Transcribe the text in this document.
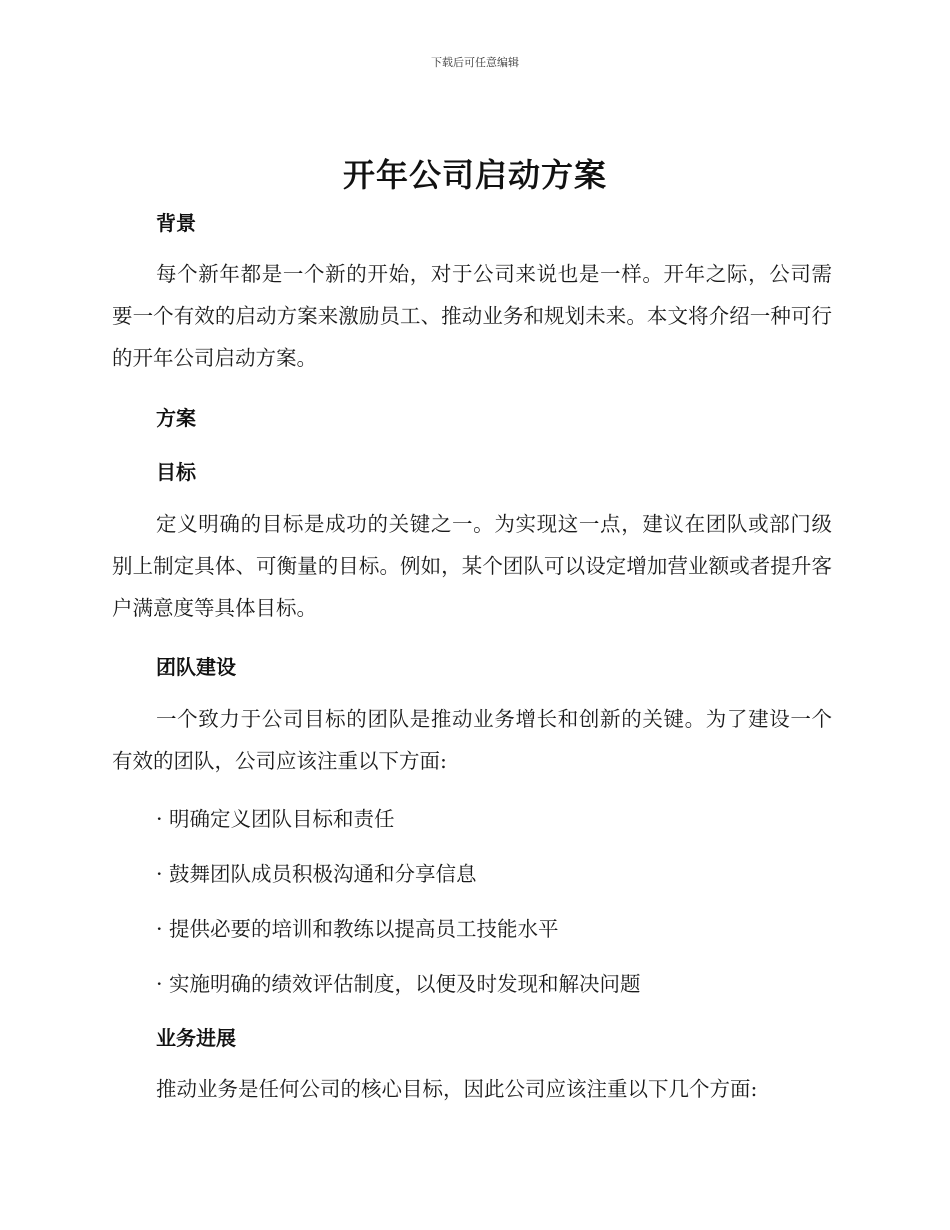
下载后可任意编辑
开年公司启动方案
背景
每个新年都是一个新的开始，对于公司来说也是一样。开年之际，公司需要一个有效的启动方案来激励员工、推动业务和规划未来。本文将介绍一种可行的开年公司启动方案。
方案
目标
定义明确的目标是成功的关键之一。为实现这一点，建议在团队或部门级别上制定具体、可衡量的目标。例如，某个团队可以设定增加营业额或者提升客户满意度等具体目标。
团队建设
一个致力于公司目标的团队是推动业务增长和创新的关键。为了建设一个有效的团队，公司应该注重以下方面:
· 明确定义团队目标和责任
· 鼓舞团队成员积极沟通和分享信息
· 提供必要的培训和教练以提高员工技能水平
· 实施明确的绩效评估制度，以便及时发现和解决问题
业务进展
推动业务是任何公司的核心目标，因此公司应该注重以下几个方面:
